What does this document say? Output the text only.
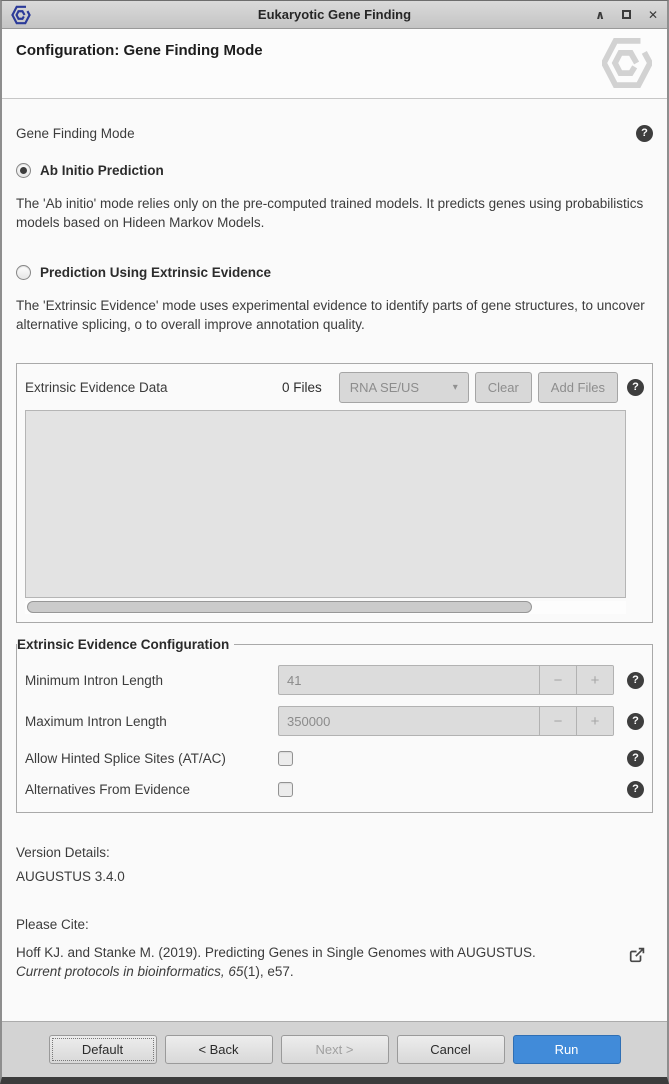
Eukaryotic Gene Finding	∧	✕
Configuration: Gene Finding Mode
Gene Finding Mode	?
Ab Initio Prediction
The 'Ab initio' mode relies only on the pre-computed trained models. It predicts genes using probabilistics models based on Hideen Markov Models.
Prediction Using Extrinsic Evidence
The 'Extrinsic Evidence' mode uses experimental evidence to identify parts of gene structures, to uncover alternative splicing, o to overall improve annotation quality.
Extrinsic Evidence Data	0 Files RNA SE/US	▾	Clear	Add Files	?
Extrinsic Evidence Configuration
Minimum Intron Length	41	−	+	?
Maximum Intron Length	350000	−	+	?
Allow Hinted Splice Sites (AT/AC)	?
Alternatives From Evidence	?
Version Details:
AUGUSTUS 3.4.0
Please Cite:
Hoff KJ. and Stanke M. (2019). Predicting Genes in Single Genomes with AUGUSTUS.
Current protocols in bioinformatics, 65(1), e57.
Default	< Back	Next >	Cancel	Run
